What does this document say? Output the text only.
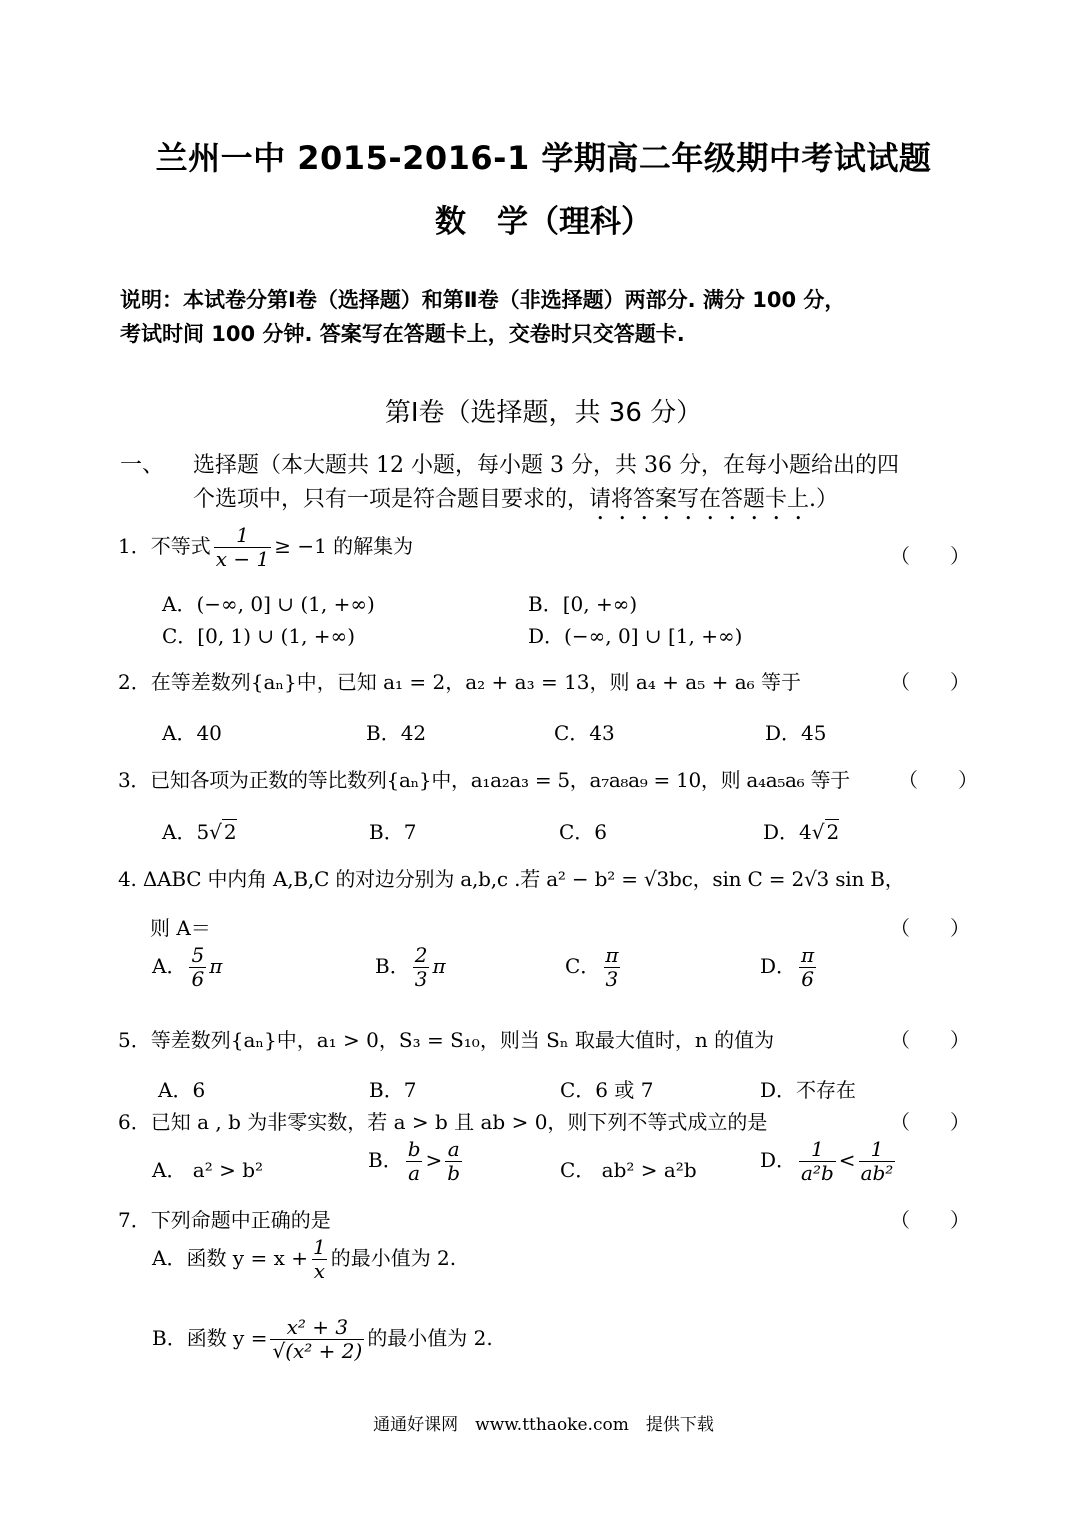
兰州一中 2015-2016-1 学期高二年级期中考试试题
数　学（理科）
说明：本试卷分第Ⅰ卷（选择题）和第Ⅱ卷（非选择题）两部分. 满分 100 分，
考试时间 100 分钟. 答案写在答题卡上，交卷时只交答题卡.
第Ⅰ卷（选择题，共 36 分）
一、 选择题（本大题共 12 小题，每小题 3 分，共 36 分，在每小题给出的四
个选项中，只有一项是符合题目要求的，请将答案写在答题卡上.）
1．不等式 $\frac{1}{x - 1} \ge -1$ 的解集为	（　　）
A．(−∞, 0] ∪ (1, +∞)	B．[0, +∞)
C．[0, 1) ∪ (1, +∞)	D．(−∞, 0] ∪ [1, +∞)
2．在等差数列{aₙ}中，已知 a₁ = 2，a₂ + a₃ = 13，则 a₄ + a₅ + a₆ 等于	（　　）
A．40	B．42	C．43	D．45
3．已知各项为正数的等比数列{aₙ}中，a₁a₂a₃ = 5，a₇a₈a₉ = 10，则 a₄a₅a₆ 等于 （　　）
A．5√ 2	B．7	C．6	D．4√ 2
4. ΔABC 中内角 A,B,C 的对边分别为 a,b,c .若 a² − b² = √3bc，sin C = 2√3 sin B，
则 A＝	（　　）
A． $\frac{5}{6}$ π	B． $\frac{2}{3}$ π	C． $\frac{\pi}{3}$	D． $\frac{\pi}{6}$
5．等差数列{aₙ}中，a₁ > 0，S₃ = S₁₀，则当 Sₙ 取最大值时，n 的值为	（　　）
A．6	B．7	C．6 或 7	D．不存在
6．已知 a , b 为非零实数，若 a > b 且 ab > 0，则下列不等式成立的是	（　　）
A． a² > b²	B． $\frac{b}{a} > \frac{a}{b}$	C． ab² > a²b	D． $\frac{1}{\text{a²b}} < \frac{1}{\text{ab²}}$
7．下列命题中正确的是	（　　）
A．函数 $y = x + \frac{1}{x}$ 的最小值为 2.
B．函数 $y = \frac{\text{x² + 3}}{\text{√(x² + 2)}}$ 的最小值为 2.
通通好课网　www.tthaoke.com　提供下载
